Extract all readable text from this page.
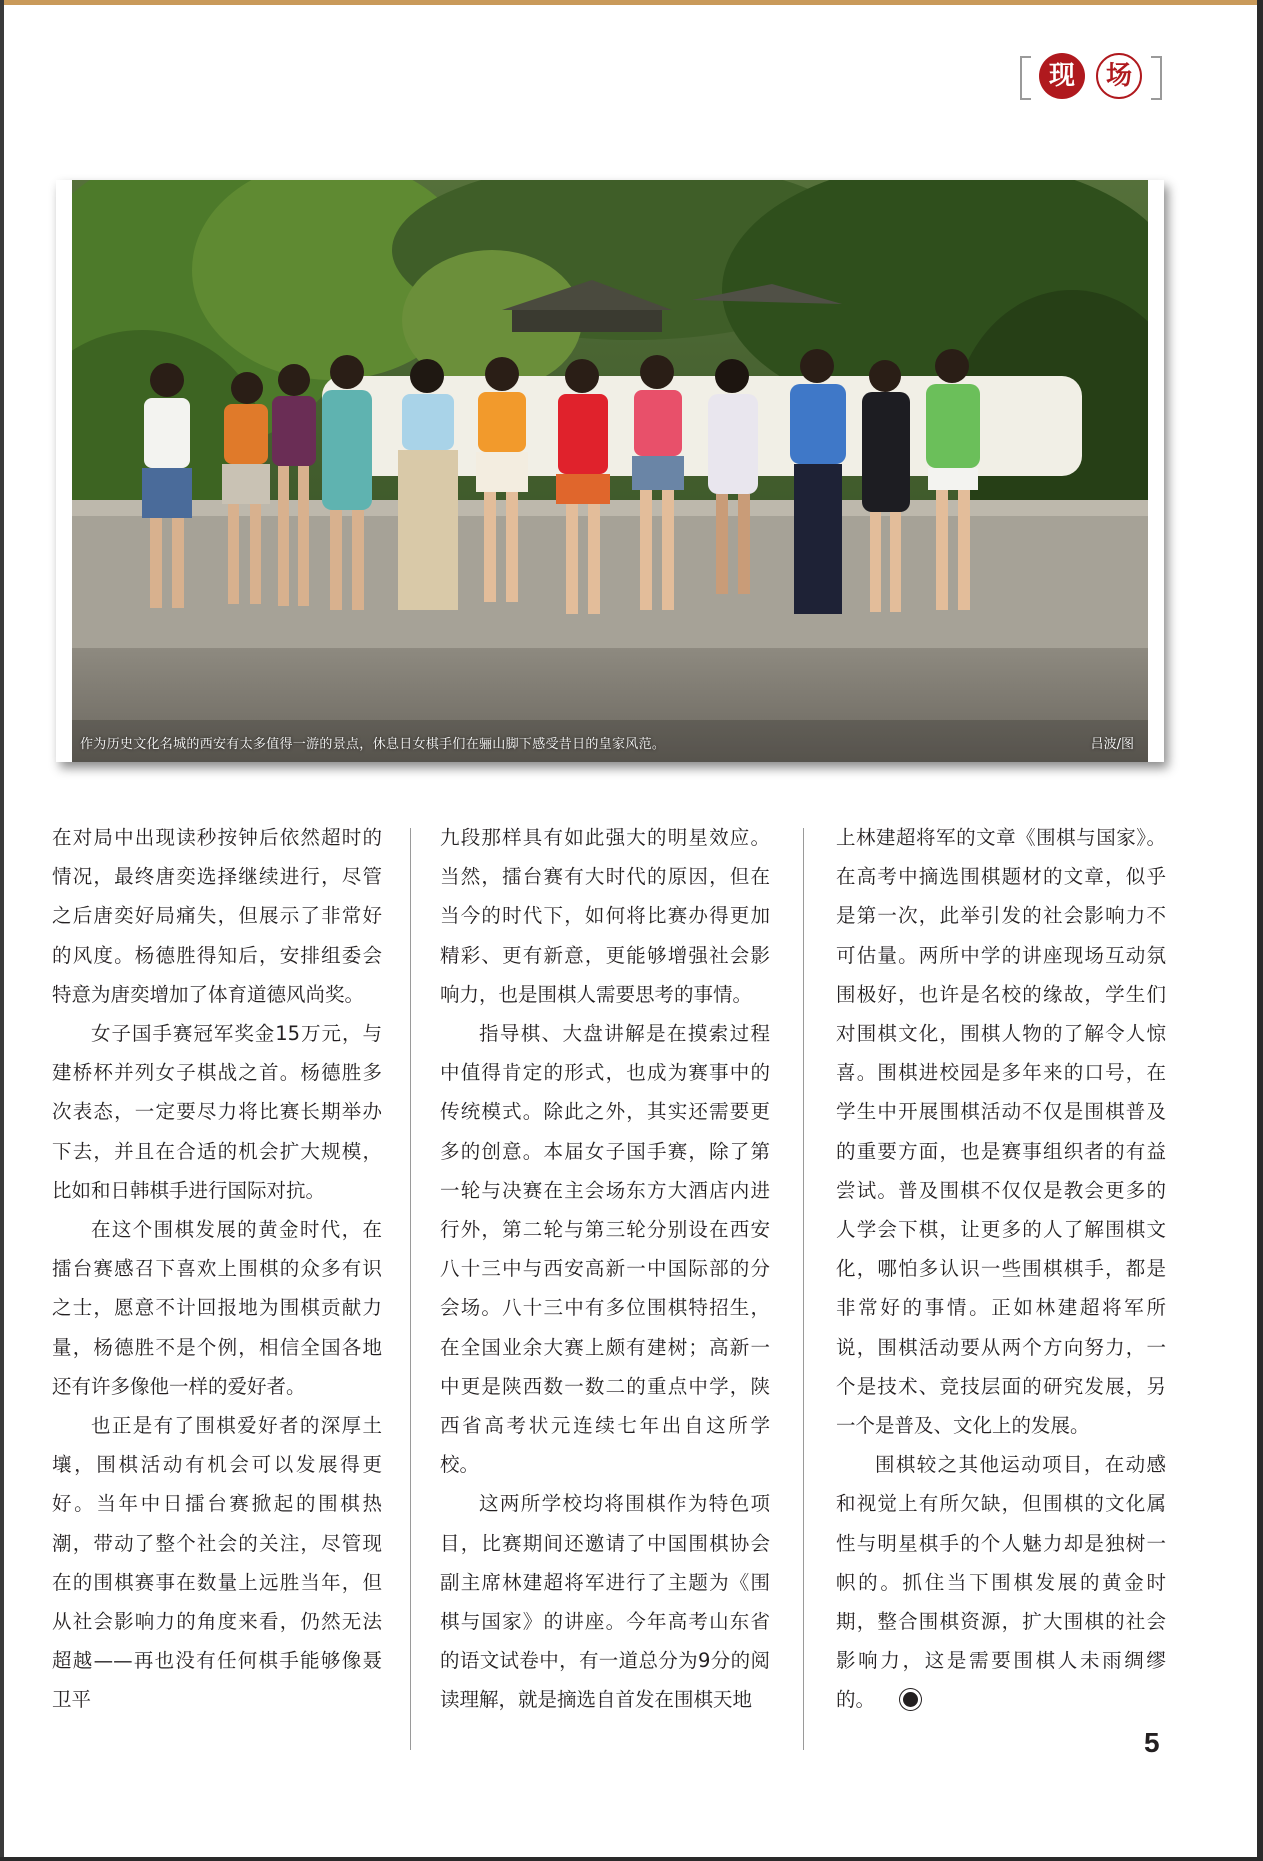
现	场
作为历史文化名城的西安有太多值得一游的景点，休息日女棋手们在骊山脚下感受昔日的皇家风范。	吕波/图

在对局中出现读秒按钟后依然超时的情况，最终唐奕选择继续进行，尽管之后唐奕好局痛失，但展示了非常好的风度。杨德胜得知后，安排组委会特意为唐奕增加了体育道德风尚奖。

女子国手赛冠军奖金15万元，与建桥杯并列女子棋战之首。杨德胜多次表态，一定要尽力将比赛长期举办下去，并且在合适的机会扩大规模，比如和日韩棋手进行国际对抗。

在这个围棋发展的黄金时代，在擂台赛感召下喜欢上围棋的众多有识之士，愿意不计回报地为围棋贡献力量，杨德胜不是个例，相信全国各地还有许多像他一样的爱好者。

也正是有了围棋爱好者的深厚土壤，围棋活动有机会可以发展得更好。当年中日擂台赛掀起的围棋热潮，带动了整个社会的关注，尽管现在的围棋赛事在数量上远胜当年，但从社会影响力的角度来看，仍然无法超越——再也没有任何棋手能够像聂卫平

九段那样具有如此强大的明星效应。当然，擂台赛有大时代的原因，但在当今的时代下，如何将比赛办得更加精彩、更有新意，更能够增强社会影响力，也是围棋人需要思考的事情。

指导棋、大盘讲解是在摸索过程中值得肯定的形式，也成为赛事中的传统模式。除此之外，其实还需要更多的创意。本届女子国手赛，除了第一轮与决赛在主会场东方大酒店内进行外，第二轮与第三轮分别设在西安八十三中与西安高新一中国际部的分会场。八十三中有多位围棋特招生，在全国业余大赛上颇有建树；高新一中更是陕西数一数二的重点中学，陕西省高考状元连续七年出自这所学校。

这两所学校均将围棋作为特色项目，比赛期间还邀请了中国围棋协会副主席林建超将军进行了主题为《围棋与国家》的讲座。今年高考山东省的语文试卷中，有一道总分为9分的阅读理解，就是摘选自首发在围棋天地

上林建超将军的文章《围棋与国家》。在高考中摘选围棋题材的文章，似乎是第一次，此举引发的社会影响力不可估量。两所中学的讲座现场互动氛围极好，也许是名校的缘故，学生们对围棋文化，围棋人物的了解令人惊喜。围棋进校园是多年来的口号，在学生中开展围棋活动不仅是围棋普及的重要方面，也是赛事组织者的有益尝试。普及围棋不仅仅是教会更多的人学会下棋，让更多的人了解围棋文化，哪怕多认识一些围棋棋手，都是非常好的事情。正如林建超将军所说，围棋活动要从两个方向努力，一个是技术、竞技层面的研究发展，另一个是普及、文化上的发展。

围棋较之其他运动项目，在动感和视觉上有所欠缺，但围棋的文化属性与明星棋手的个人魅力却是独树一帜的。抓住当下围棋发展的黄金时期，整合围棋资源，扩大围棋的社会影响力，这是需要围棋人未雨绸缪的。

5
